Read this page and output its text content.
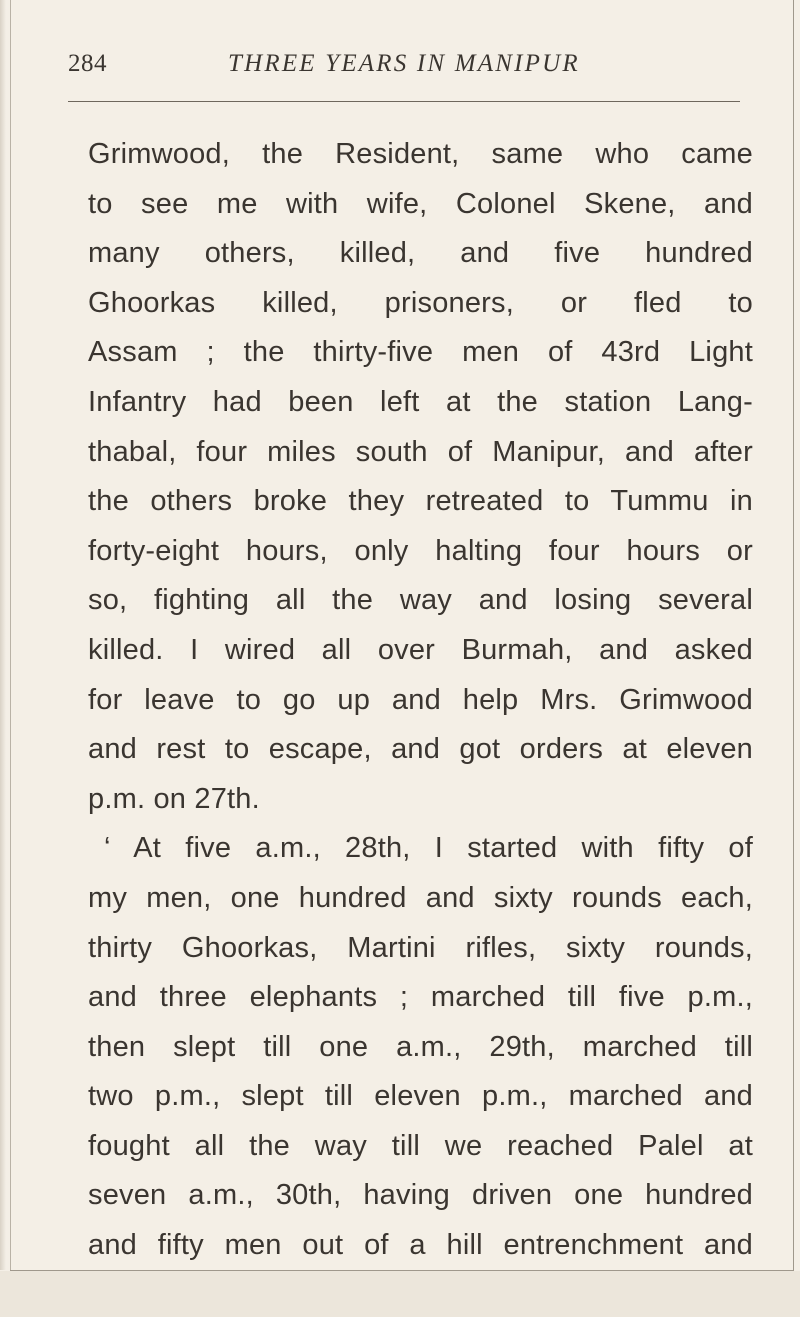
284	THREE YEARS IN MANIPUR
Grimwood, the Resident, same who came
to see me with wife, Colonel Skene, and
many others, killed, and five hundred
Ghoorkas killed, prisoners, or fled to
Assam ; the thirty-five men of 43rd Light
Infantry had been left at the station Lang-
thabal, four miles south of Manipur, and after
the others broke they retreated to Tummu in
forty-eight hours, only halting four hours or
so, fighting all the way and losing several
killed. I wired all over Burmah, and asked
for leave to go up and help Mrs. Grimwood
and rest to escape, and got orders at eleven
p.m. on 27th.
‘ At five a.m., 28th, I started with fifty of
my men, one hundred and sixty rounds each,
thirty Ghoorkas, Martini rifles, sixty rounds,
and three elephants ; marched till five p.m.,
then slept till one a.m., 29th, marched till
two p.m., slept till eleven p.m., marched and
fought all the way till we reached Palel at
seven a.m., 30th, having driven one hundred
and fifty men out of a hill entrenchment and
